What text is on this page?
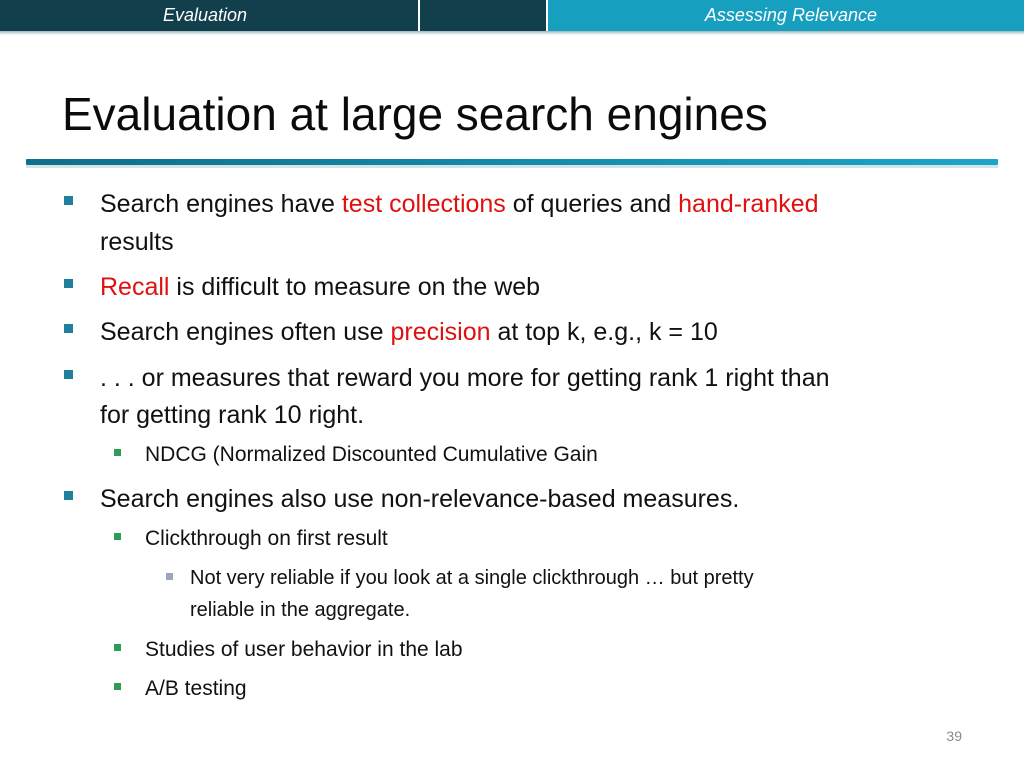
Evaluation	Assessing Relevance
Evaluation at large search engines
Search engines have test collections of queries and hand-ranked
results
Recall is difficult to measure on the web
Search engines often use precision at top k, e.g., k = 10
. . . or measures that reward you more for getting rank 1 right than
for getting rank 10 right.
NDCG (Normalized Discounted Cumulative Gain
Search engines also use non-relevance-based measures.
Clickthrough on first result
Not very reliable if you look at a single clickthrough … but pretty
reliable in the aggregate.
Studies of user behavior in the lab
A/B testing
39
